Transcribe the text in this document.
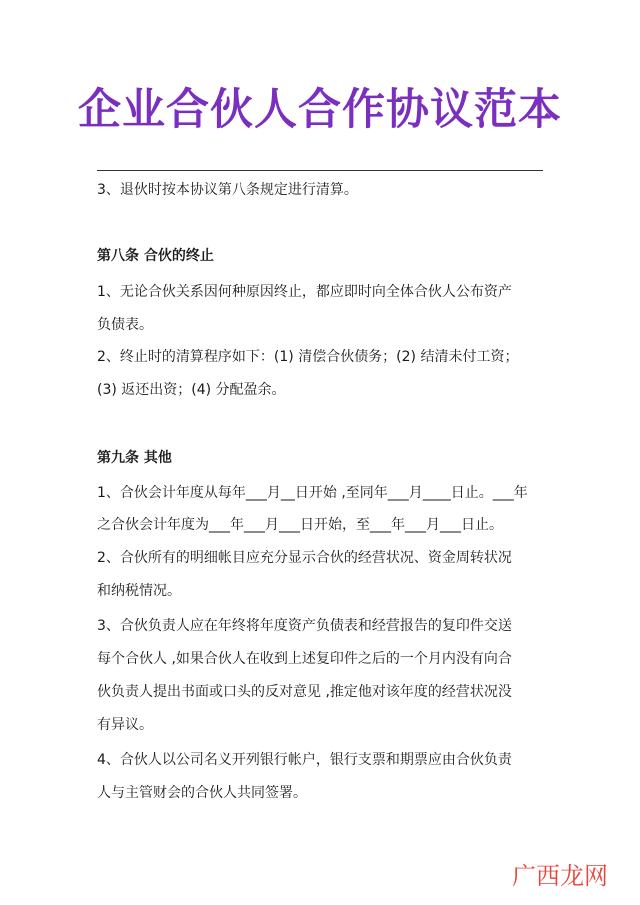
企业合伙人合作协议范本
3、退伙时按本协议第八条规定进行清算。
第八条 合伙的终止
1、无论合伙关系因何种原因终止，都应即时向全体合伙人公布资产
负债表。
2、终止时的清算程序如下：(1) 清偿合伙债务；(2) 结清未付工资；
(3) 返还出资；(4) 分配盈余。
第九条 其他
1、合伙会计年度从每年___月__日开始 ,至同年___月____日止。___年
之合伙会计年度为___年___月___日开始，至___年___月___日止。
2、合伙所有的明细帐目应充分显示合伙的经营状况、资金周转状况
和纳税情况。
3、合伙负责人应在年终将年度资产负债表和经营报告的复印件交送
每个合伙人 ,如果合伙人在收到上述复印件之后的一个月内没有向合
伙负责人提出书面或口头的反对意见 ,推定他对该年度的经营状况没
有异议。
4、合伙人以公司名义开列银行帐户，银行支票和期票应由合伙负责
人与主管财会的合伙人共同签署。
广西龙网
